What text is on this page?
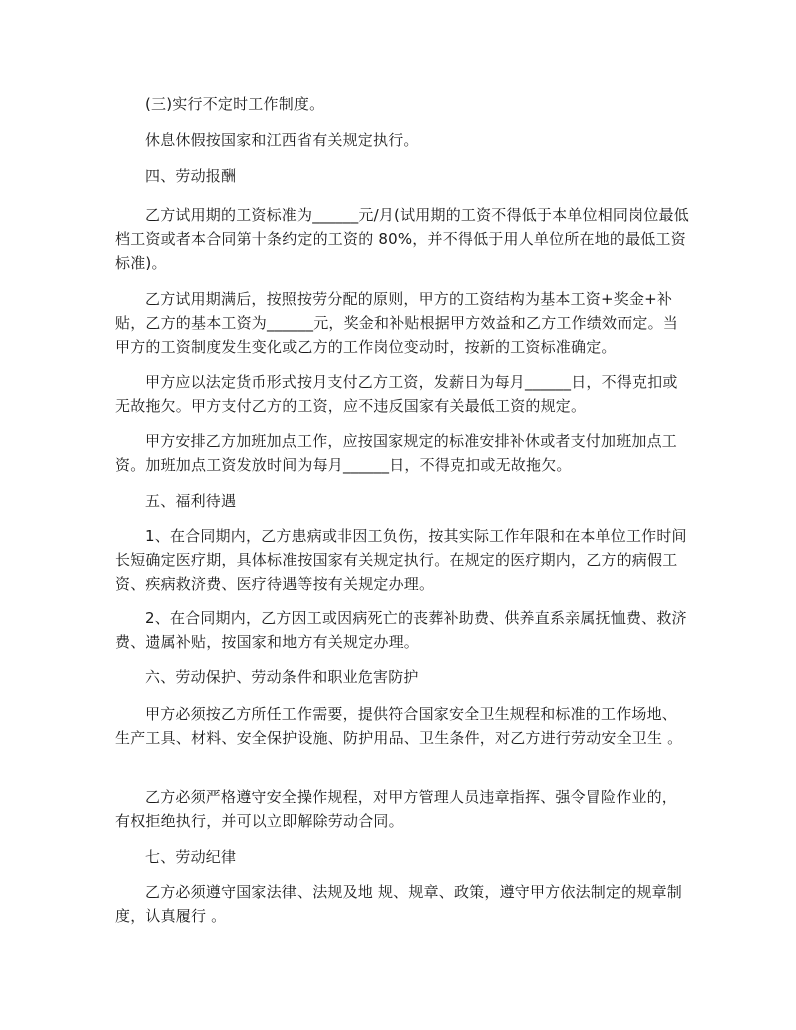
(三)实行不定时工作制度。

休息休假按国家和江西省有关规定执行。

四、劳动报酬

乙方试用期的工资标准为______元/月(试用期的工资不得低于本单位相同岗位最低档工资或者本合同第十条约定的工资的 80%，并不得低于用人单位所在地的最低工资标准)。

乙方试用期满后，按照按劳分配的原则，甲方的工资结构为基本工资+奖金+补贴，乙方的基本工资为______元，奖金和补贴根据甲方效益和乙方工作绩效而定。当甲方的工资制度发生变化或乙方的工作岗位变动时，按新的工资标准确定。

甲方应以法定货币形式按月支付乙方工资，发薪日为每月______日，不得克扣或无故拖欠。甲方支付乙方的工资，应不违反国家有关最低工资的规定。

甲方安排乙方加班加点工作，应按国家规定的标准安排补休或者支付加班加点工资。加班加点工资发放时间为每月______日，不得克扣或无故拖欠。

五、福利待遇

1、在合同期内，乙方患病或非因工负伤，按其实际工作年限和在本单位工作时间长短确定医疗期，具体标准按国家有关规定执行。在规定的医疗期内，乙方的病假工资、疾病救济费、医疗待遇等按有关规定办理。

2、在合同期内，乙方因工或因病死亡的丧葬补助费、供养直系亲属抚恤费、救济费、遗属补贴，按国家和地方有关规定办理。

六、劳动保护、劳动条件和职业危害防护

甲方必须按乙方所任工作需要，提供符合国家安全卫生规程和标准的工作场地、生产工具、材料、安全保护设施、防护用品、卫生条件，对乙方进行劳动安全卫生 。

乙方必须严格遵守安全操作规程，对甲方管理人员违章指挥、强令冒险作业的，有权拒绝执行，并可以立即解除劳动合同。

七、劳动纪律

乙方必须遵守国家法律、法规及地 规、规章、政策，遵守甲方依法制定的规章制度，认真履行 。
